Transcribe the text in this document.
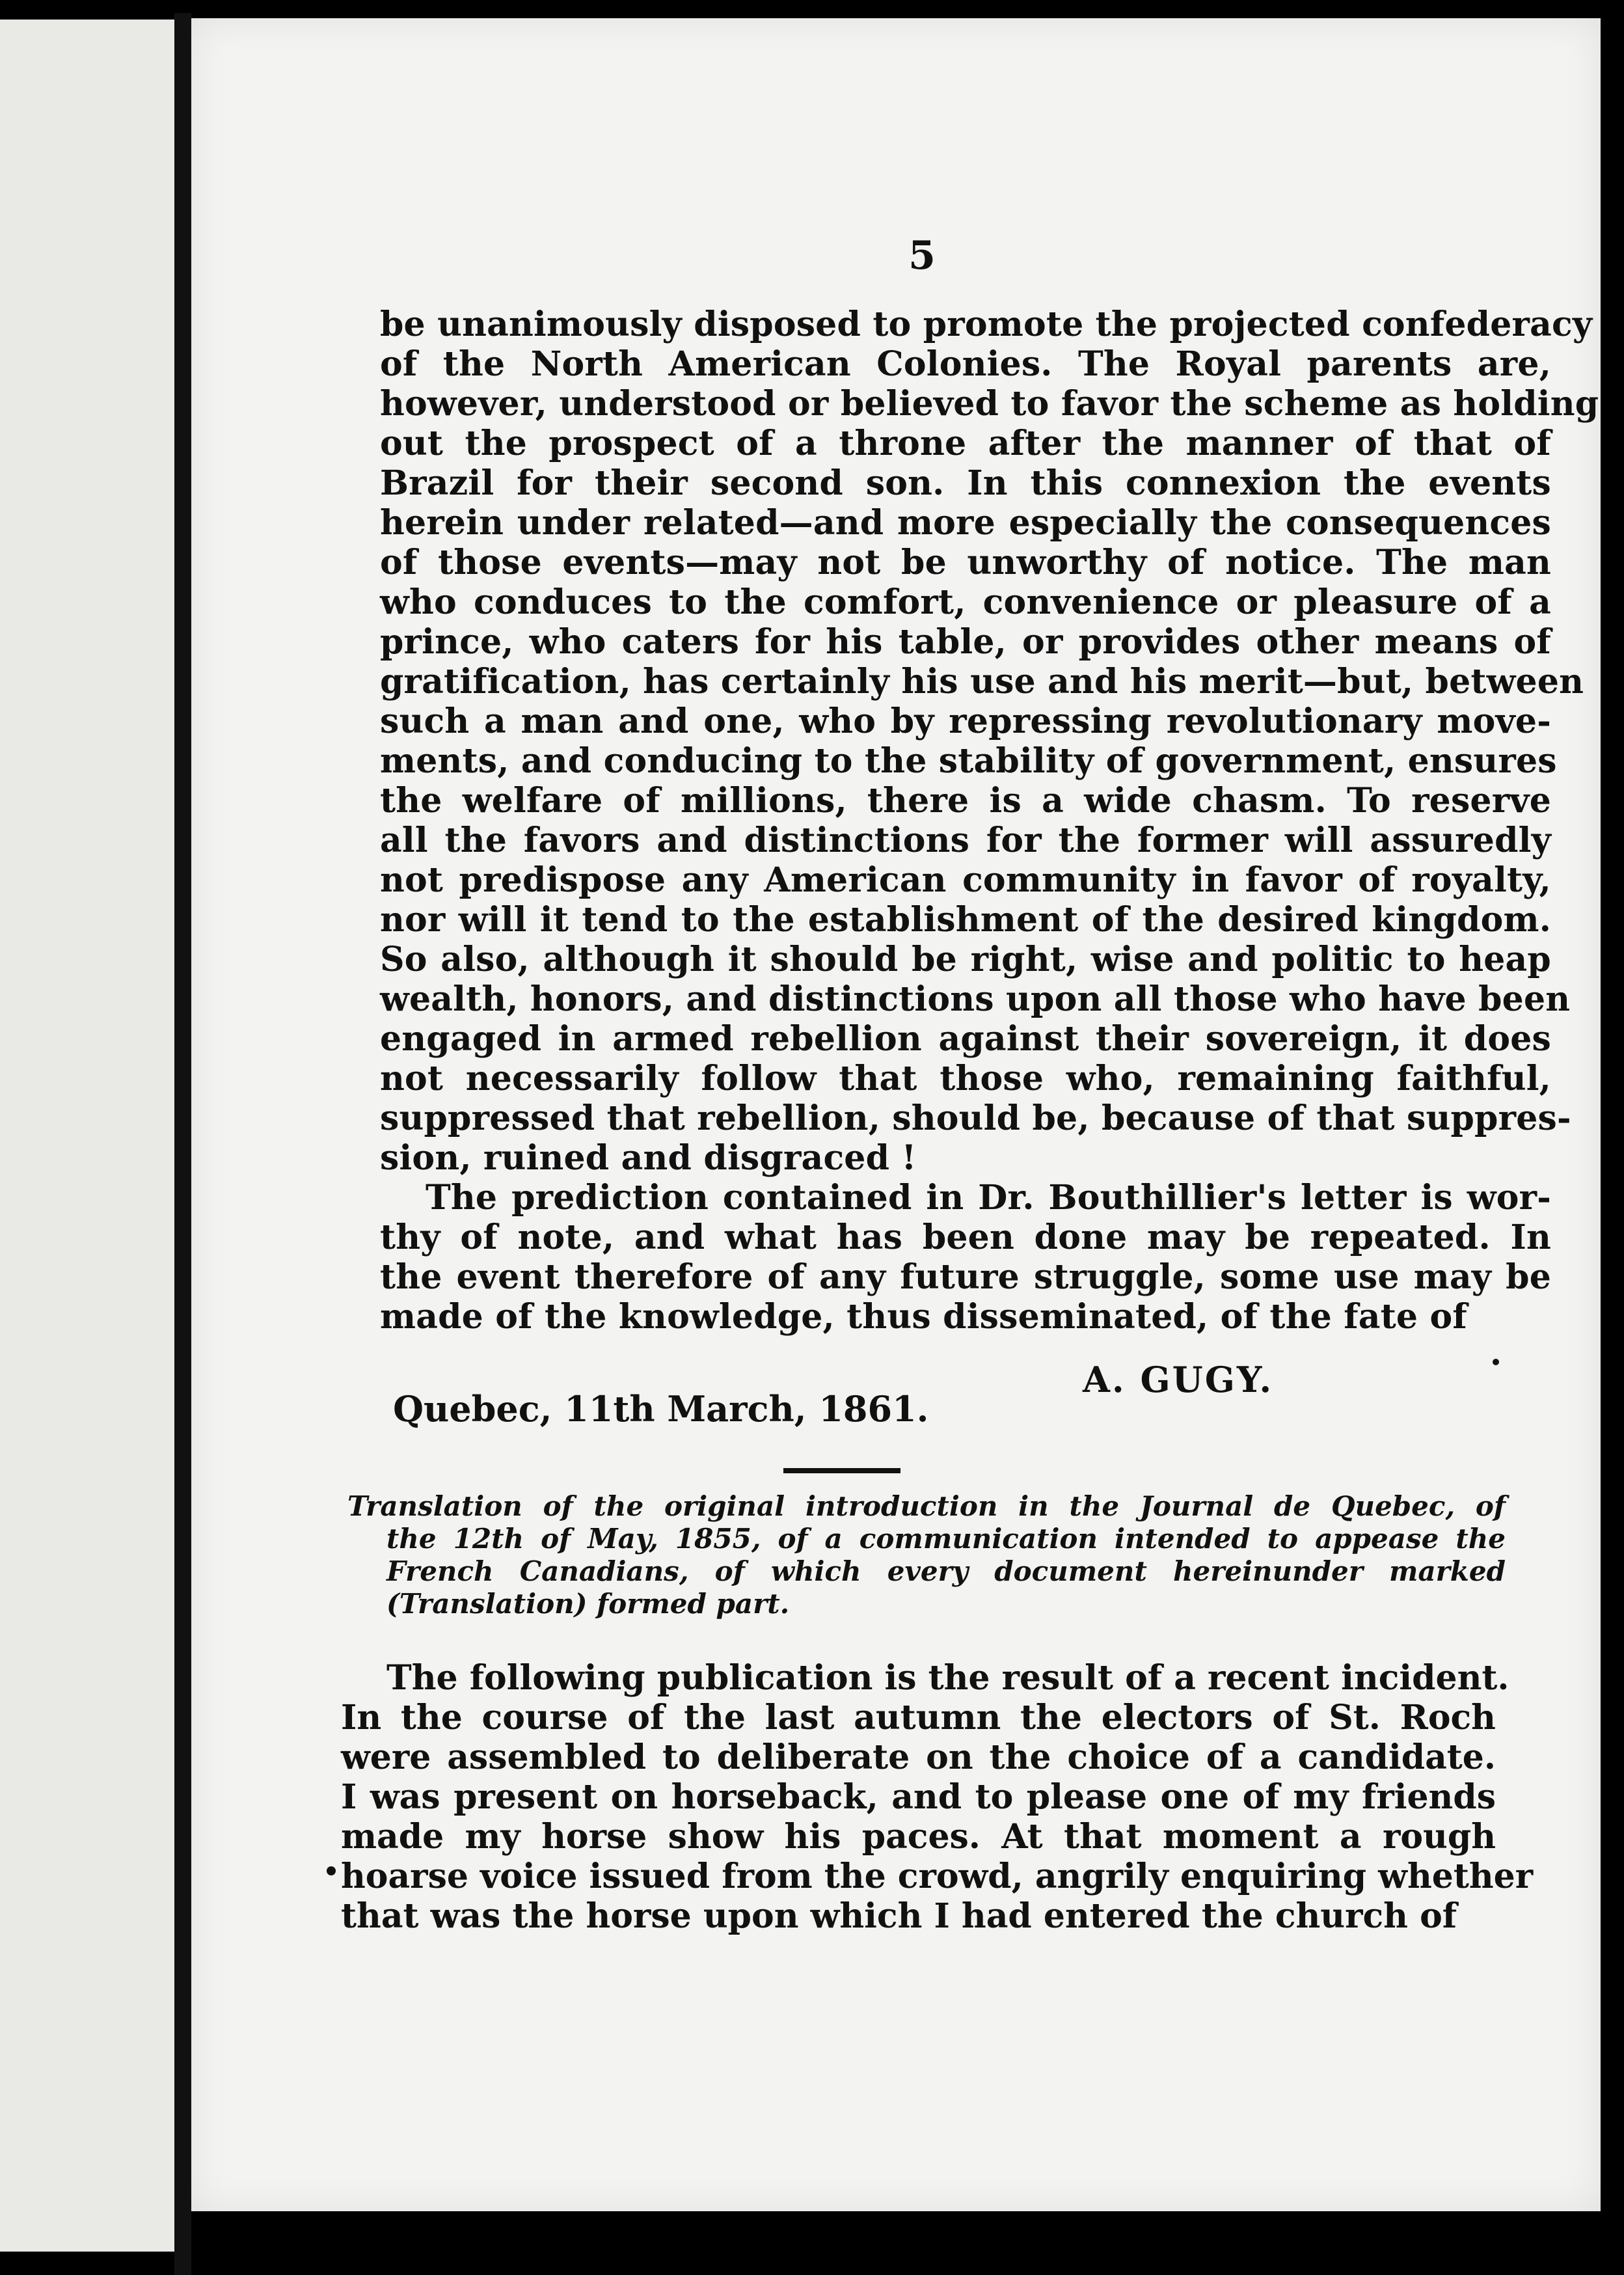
5
be unanimously disposed to promote the projected confederacy
of the North American Colonies. The Royal parents are,
however, understood or believed to favor the scheme as holding
out the prospect of a throne after the manner of that of
Brazil for their second son. In this connexion the events
herein under related—and more especially the consequences
of those events—may not be unworthy of notice. The man
who conduces to the comfort, convenience or pleasure of a
prince, who caters for his table, or provides other means of
gratification, has certainly his use and his merit—but, between
such a man and one, who by repressing revolutionary move-
ments, and conducing to the stability of government, ensures
the welfare of millions, there is a wide chasm. To reserve
all the favors and distinctions for the former will assuredly
not predispose any American community in favor of royalty,
nor will it tend to the establishment of the desired kingdom.
So also, although it should be right, wise and politic to heap
wealth, honors, and distinctions upon all those who have been
engaged in armed rebellion against their sovereign, it does
not necessarily follow that those who, remaining faithful,
suppressed that rebellion, should be, because of that suppres-
sion, ruined and disgraced !
The prediction contained in Dr. Bouthillier's letter is wor-
thy of note, and what has been done may be repeated. In
the event therefore of any future struggle, some use may be
made of the knowledge, thus disseminated, of the fate of
A. GUGY.
Quebec, 11th March, 1861.
Translation of the original introduction in the Journal de Quebec, of
the 12th of May, 1855, of a communication intended to appease the
French Canadians, of which every document hereinunder marked
(Translation) formed part.
The following publication is the result of a recent incident.
In the course of the last autumn the electors of St. Roch
were assembled to deliberate on the choice of a candidate.
I was present on horseback, and to please one of my friends
made my horse show his paces. At that moment a rough
hoarse voice issued from the crowd, angrily enquiring whether
that was the horse upon which I had entered the church of
